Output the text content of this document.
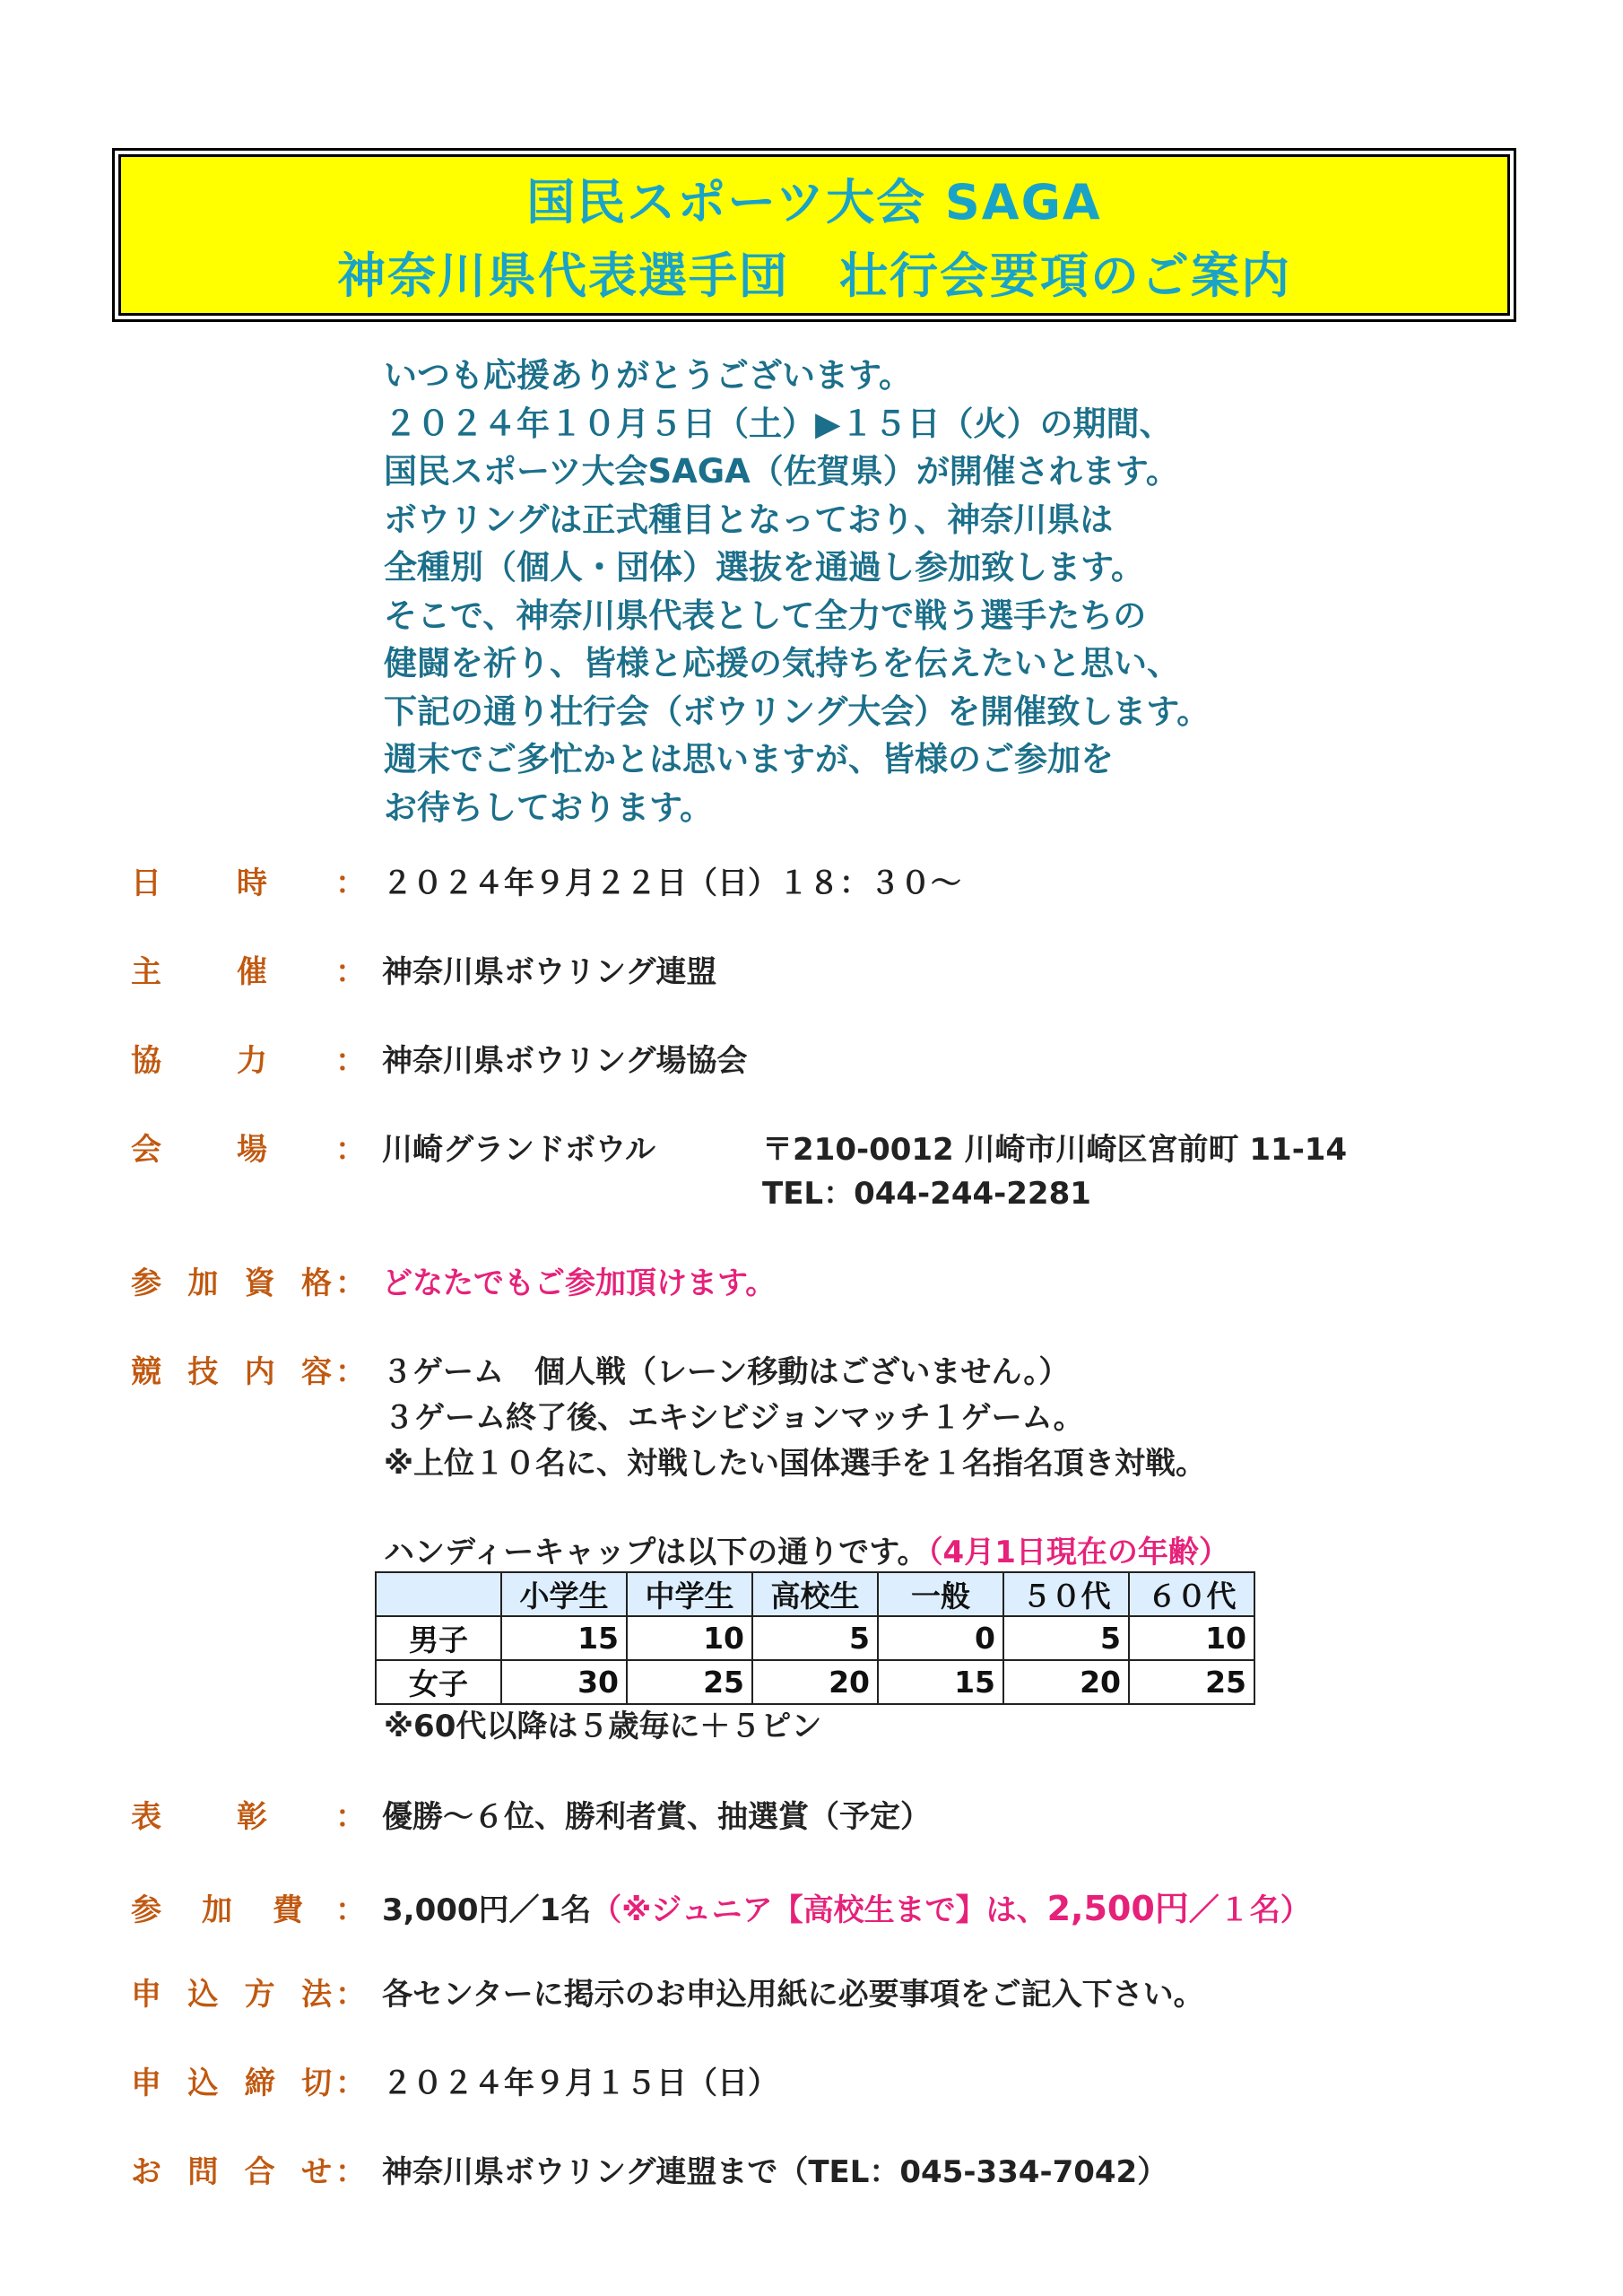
国民スポーツ大会 SAGA
神奈川県代表選手団　壮行会要項のご案内
いつも応援ありがとうございます。
２０２４年１０月５日（土）▶１５日（火）の期間、
国民スポーツ大会SAGA（佐賀県）が開催されます。
ボウリングは正式種目となっており、神奈川県は
全種別（個人・団体）選抜を通過し参加致します。
そこで、神奈川県代表として全力で戦う選手たちの
健闘を祈り、皆様と応援の気持ちを伝えたいと思い、
下記の通り壮行会（ボウリング大会）を開催致します。
週末でご多忙かとは思いますが、皆様のご参加を
お待ちしております。
日 時 ： ２０２４年９月２２日（日）１８：３０～
主 催 ： 神奈川県ボウリング連盟
協 力 ： 神奈川県ボウリング場協会
会 場 ： 川崎グランドボウル	〒210-0012 川崎市川崎区宮前町 11-14
TEL：044-244-2281
参 加 資 格 ： どなたでもご参加頂けます。
競 技 内 容 ： ３ゲーム　個人戦（レーン移動はございません。）
３ゲーム終了後、エキシビジョンマッチ１ゲーム。
※上位１０名に、対戦したい国体選手を１名指名頂き対戦。
ハンディーキャップは以下の通りです。（4月1日現在の年齢）
	小学生	中学生	高校生	一般	５０代	６０代
男子	15	10	5	0	5	10
女子	30	25	20	15	20	25
※60代以降は５歳毎に＋５ピン
表 彰 ： 優勝～６位、勝利者賞、抽選賞（予定）
参 加 費 ： 3,000円／1名 （※ジュニア【高校生まで】は、 2,500円 ／１名）
申 込 方 法 ： 各センターに掲示のお申込用紙に必要事項をご記入下さい。
申 込 締 切 ： ２０２４年９月１５日（日）
お 問 合 せ ： 神奈川県ボウリング連盟まで（TEL：045-334-7042）
